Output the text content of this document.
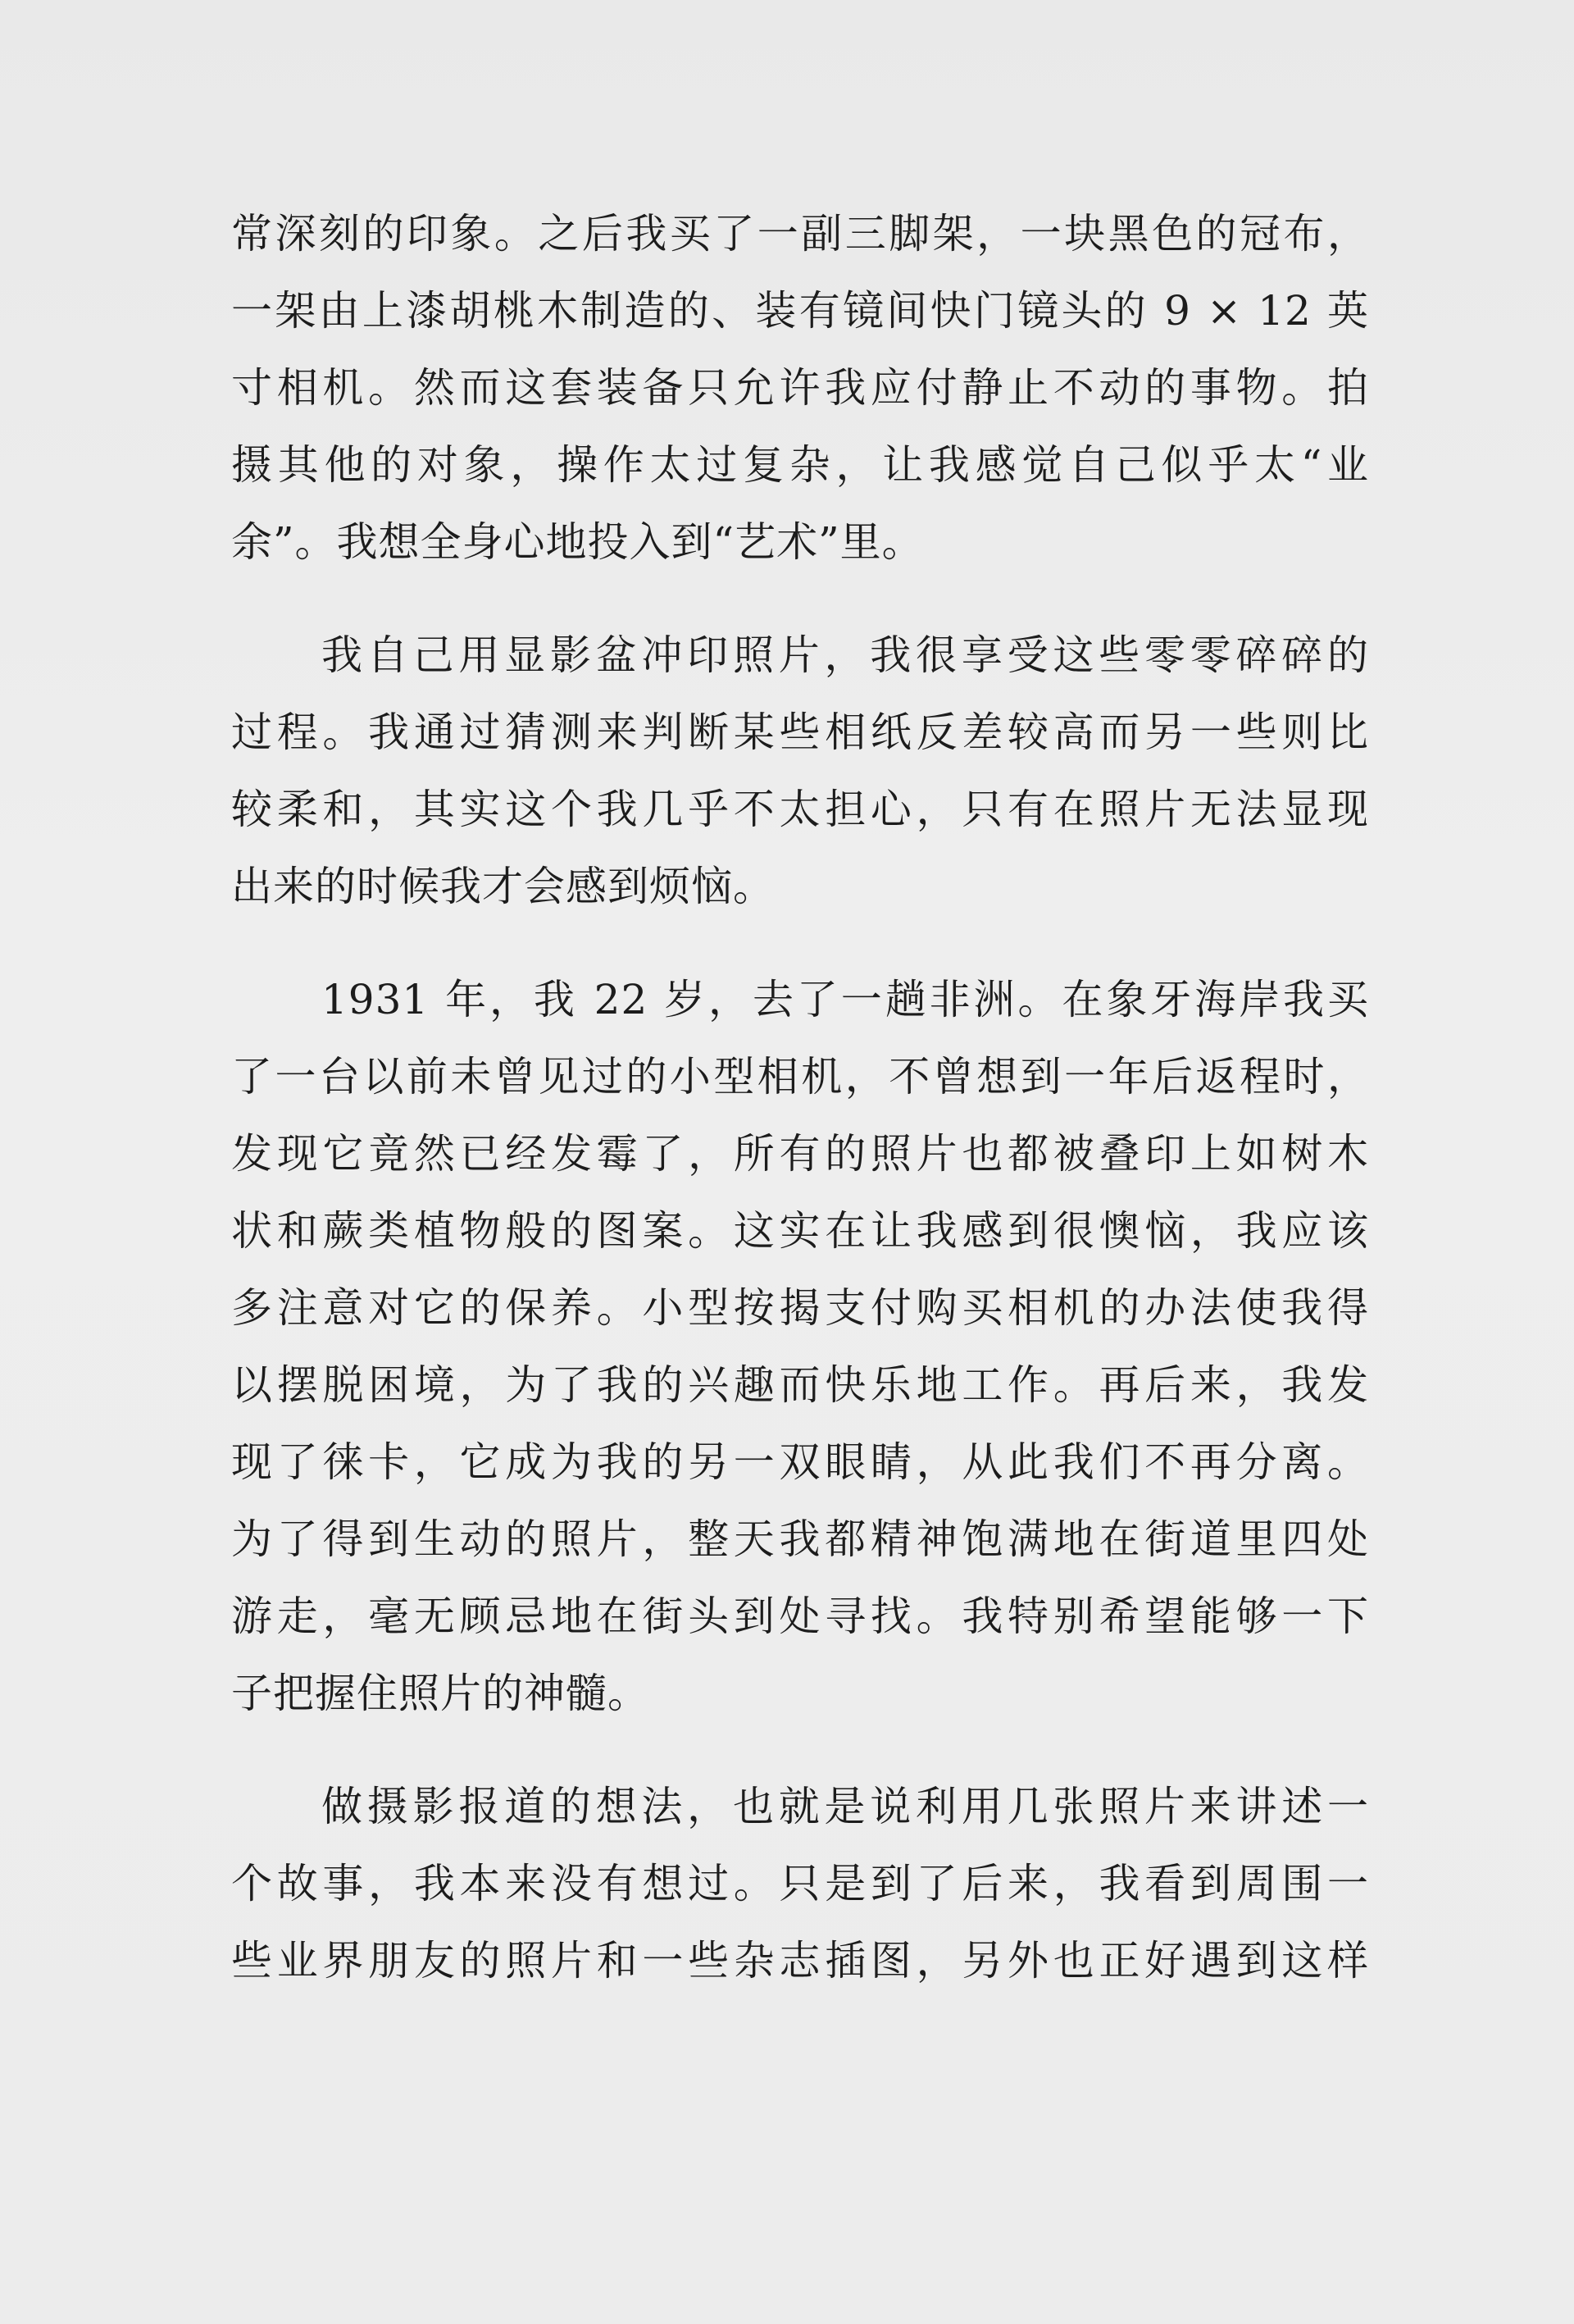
常深刻的印象。之后我买了一副三脚架，一块黑色的冠布，
一架由上漆胡桃木制造的、装有镜间快门镜头的 9 × 12 英
寸相机。然而这套装备只允许我应付静止不动的事物。拍
摄其他的对象，操作太过复杂，让我感觉自己似乎太“业
余”。我想全身心地投入到“艺术”里。
我自己用显影盆冲印照片，我很享受这些零零碎碎的
过程。我通过猜测来判断某些相纸反差较高而另一些则比
较柔和，其实这个我几乎不太担心，只有在照片无法显现
出来的时候我才会感到烦恼。
1931 年，我 22 岁，去了一趟非洲。在象牙海岸我买
了一台以前未曾见过的小型相机，不曾想到一年后返程时，
发现它竟然已经发霉了，所有的照片也都被叠印上如树木
状和蕨类植物般的图案。这实在让我感到很懊恼，我应该
多注意对它的保养。小型按揭支付购买相机的办法使我得
以摆脱困境，为了我的兴趣而快乐地工作。再后来，我发
现了徕卡，它成为我的另一双眼睛，从此我们不再分离。
为了得到生动的照片，整天我都精神饱满地在街道里四处
游走，毫无顾忌地在街头到处寻找。我特别希望能够一下
子把握住照片的神髓。
做摄影报道的想法，也就是说利用几张照片来讲述一
个故事，我本来没有想过。只是到了后来，我看到周围一
些业界朋友的照片和一些杂志插图，另外也正好遇到这样
